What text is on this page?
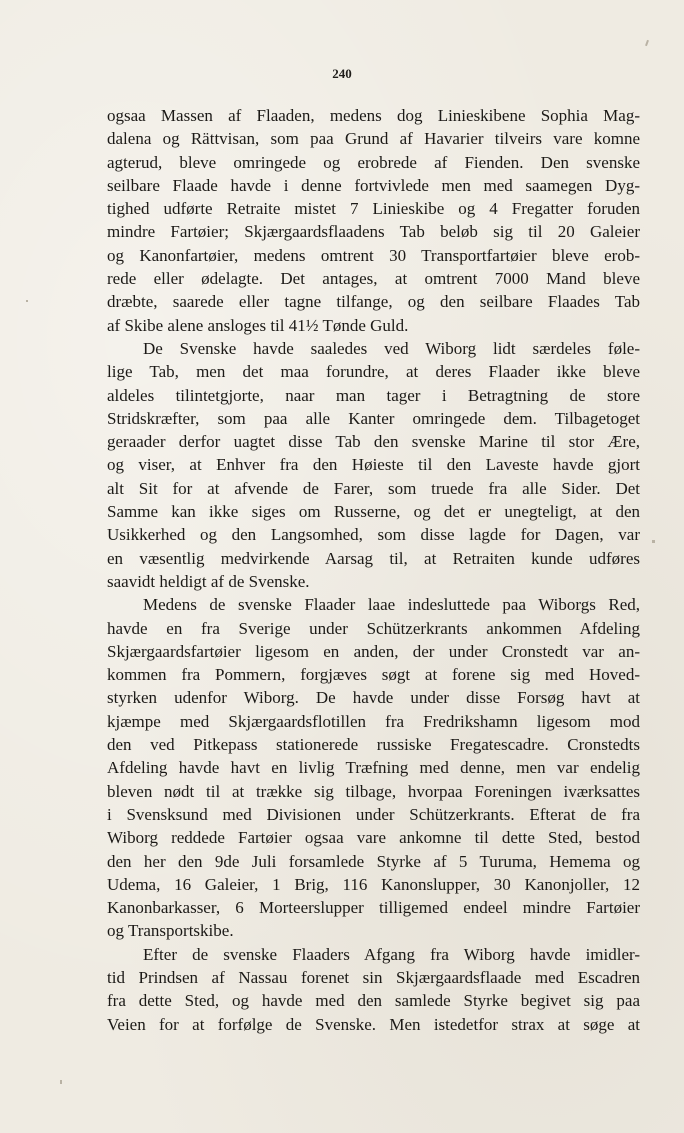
240
ogsaa Massen af Flaaden, medens dog Linieskibene Sophia Mag-
dalena og Rättvisan, som paa Grund af Havarier tilveirs vare komne
agterud, bleve omringede og erobrede af Fienden. Den svenske
seilbare Flaade havde i denne fortvivlede men med saamegen Dyg-
tighed udførte Retraite mistet 7 Linieskibe og 4 Fregatter foruden
mindre Fartøier; Skjærgaardsflaadens Tab beløb sig til 20 Galeier
og Kanonfartøier, medens omtrent 30 Transportfartøier bleve erob-
rede eller ødelagte. Det antages, at omtrent 7000 Mand bleve
dræbte, saarede eller tagne tilfange, og den seilbare Flaades Tab
af Skibe alene ansloges til 41½ Tønde Guld.
De Svenske havde saaledes ved Wiborg lidt særdeles føle-
lige Tab, men det maa forundre, at deres Flaader ikke bleve
aldeles tilintetgjorte, naar man tager i Betragtning de store
Stridskræfter, som paa alle Kanter omringede dem. Tilbagetoget
geraader derfor uagtet disse Tab den svenske Marine til stor Ære,
og viser, at Enhver fra den Høieste til den Laveste havde gjort
alt Sit for at afvende de Farer, som truede fra alle Sider. Det
Samme kan ikke siges om Russerne, og det er unegteligt, at den
Usikkerhed og den Langsomhed, som disse lagde for Dagen, var
en væsentlig medvirkende Aarsag til, at Retraiten kunde udføres
saavidt heldigt af de Svenske.
Medens de svenske Flaader laae indesluttede paa Wiborgs Red,
havde en fra Sverige under Schützerkrants ankommen Afdeling
Skjærgaardsfartøier ligesom en anden, der under Cronstedt var an-
kommen fra Pommern, forgjæves søgt at forene sig med Hoved-
styrken udenfor Wiborg. De havde under disse Forsøg havt at
kjæmpe med Skjærgaardsflotillen fra Fredrikshamn ligesom mod
den ved Pitkepass stationerede russiske Fregatescadre. Cronstedts
Afdeling havde havt en livlig Træfning med denne, men var endelig
bleven nødt til at trække sig tilbage, hvorpaa Foreningen iværksattes
i Svensksund med Divisionen under Schützerkrants. Efterat de fra
Wiborg reddede Fartøier ogsaa vare ankomne til dette Sted, bestod
den her den 9de Juli forsamlede Styrke af 5 Turuma, Hemema og
Udema, 16 Galeier, 1 Brig, 116 Kanonslupper, 30 Kanonjoller, 12
Kanonbarkasser, 6 Morteerslupper tilligemed endeel mindre Fartøier
og Transportskibe.
Efter de svenske Flaaders Afgang fra Wiborg havde imidler-
tid Prindsen af Nassau forenet sin Skjærgaardsflaade med Escadren
fra dette Sted, og havde med den samlede Styrke begivet sig paa
Veien for at forfølge de Svenske. Men istedetfor strax at søge at
